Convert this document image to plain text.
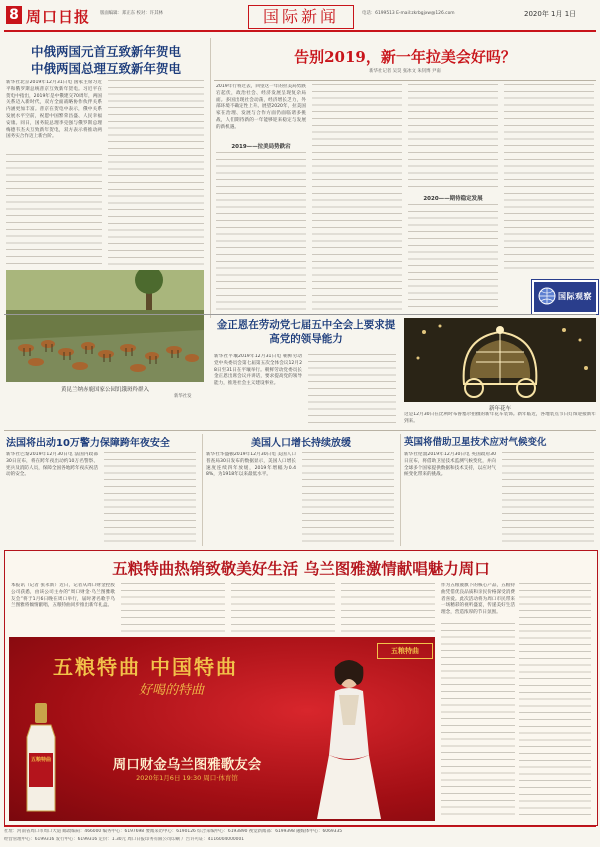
8 周口日报 版面编辑：郑正东 校对：许其林	国际新闻	电话：6199513 E-mail:zkrbgjxw@126.com	2020年 1月 1日
中俄两国元首互致新年贺电
中俄两国总理互致新年贺电
新华社北京2019年12月31日电 国家主席习近平和俄罗斯总统普京互致新年贺电。习近平在贺电中指出，2019年是中俄建交70周年，两国关系迈入新时代，双方全面战略协作伙伴关系内涵更加丰富。普京在贺电中表示，俄中关系发展水平空前，祝愿中国繁荣昌盛、人民幸福安康。同日，国务院总理李克强与俄罗斯总理梅德韦杰夫互致新年贺电，双方表示将推动两国务实合作迈上新台阶。
黄昆兰纳赤鹿国家公园饥饿斑羚群入
新华社发
告别2019，新一年拉美会好吗？
新华社记者 吴昊 张冰文 朱钊博 尹南
2019年行将过去，回望这一年的拉美局势跌宕起伏，政治社会、经济发展呈现复杂局面。多国出现社会动荡，经济增长乏力，外部环境不确定性上升。展望2020年，拉美国家在治理、发展与合作方面仍面临诸多挑战，人们期待新的一年能够迎来稳定与发展的新机遇。
2019——拉美局势跌宕
2020——期待稳定发展
国际观察
金正恩在劳动党七届五中全会上要求提高党的领导能力
新华社平壤2019年12月31日电 朝鲜劳动党中央委员会第七届第五次全体会议12月28日至31日在平壤举行。朝鲜劳动党委员长金正恩出席会议并讲话，要求提高党的领导能力，推进社会主义建设事业。
新年花车
这是12月30日在比利时布鲁塞尔拍摄的新年花车装饰。新年临近，各地装点节日灯饰迎接新年到来。
法国将出动10万警力保障跨年夜安全
新华社巴黎2019年12月30日电 法国内政部30日宣布，将在跨年夜出动约10万名警察、宪兵及消防人员，保障全国各地跨年夜庆祝活动的安全。
美国人口增长持续放缓
新华社华盛顿2019年12月30日电 美国人口普查局30日发布的数据显示，美国人口增长速度连续四年放缓，2019年增幅为0.48%，为1918年以来最低水平。
英国将借助卫星技术应对气候变化
新华社伦敦2019年12月30日电 英国政府30日宣布，将借助卫星技术监测气候变化，并向全球多个国家提供数据和技术支持，以应对气候变化带来的挑战。
五粮特曲热销致敬美好生活 乌兰图雅激情献唱魅力周口
本报讯（记者 张永新）近日，记者从周口财金控股公司获悉，由该公司主办的“周口财金·乌兰图雅歌友会”将于1月6日晚在周口举行，届时著名歌手乌兰图雅将倾情献唱，五粮特曲同步推出新年礼盒。
五粮特曲 中国特曲
好喝的特曲
周口财金乌兰图雅歌友会
2020年1月6日 19:30 周口·体育馆
五粮特曲
五粮特曲
作为五粮液旗下的核心产品，五粮特曲凭借优良品质和亲民价格深受消费者喜爱。此次活动将为周口市民带来一场精彩的视听盛宴，传递美好生活理念，营造浓厚的节日氛围。
社址：河南省周口市周口大道 邮政编码：466000 编务中心：6197698 要闻采访中心：6190126 综合采编中心：6193890 视觉新闻部：6199398 融媒体中心：6069335
经营管理中心：6199316 发行中心：6199316 定价：1.30元 周口日报印务有限公司印刷 广告许可证：4116004000001
